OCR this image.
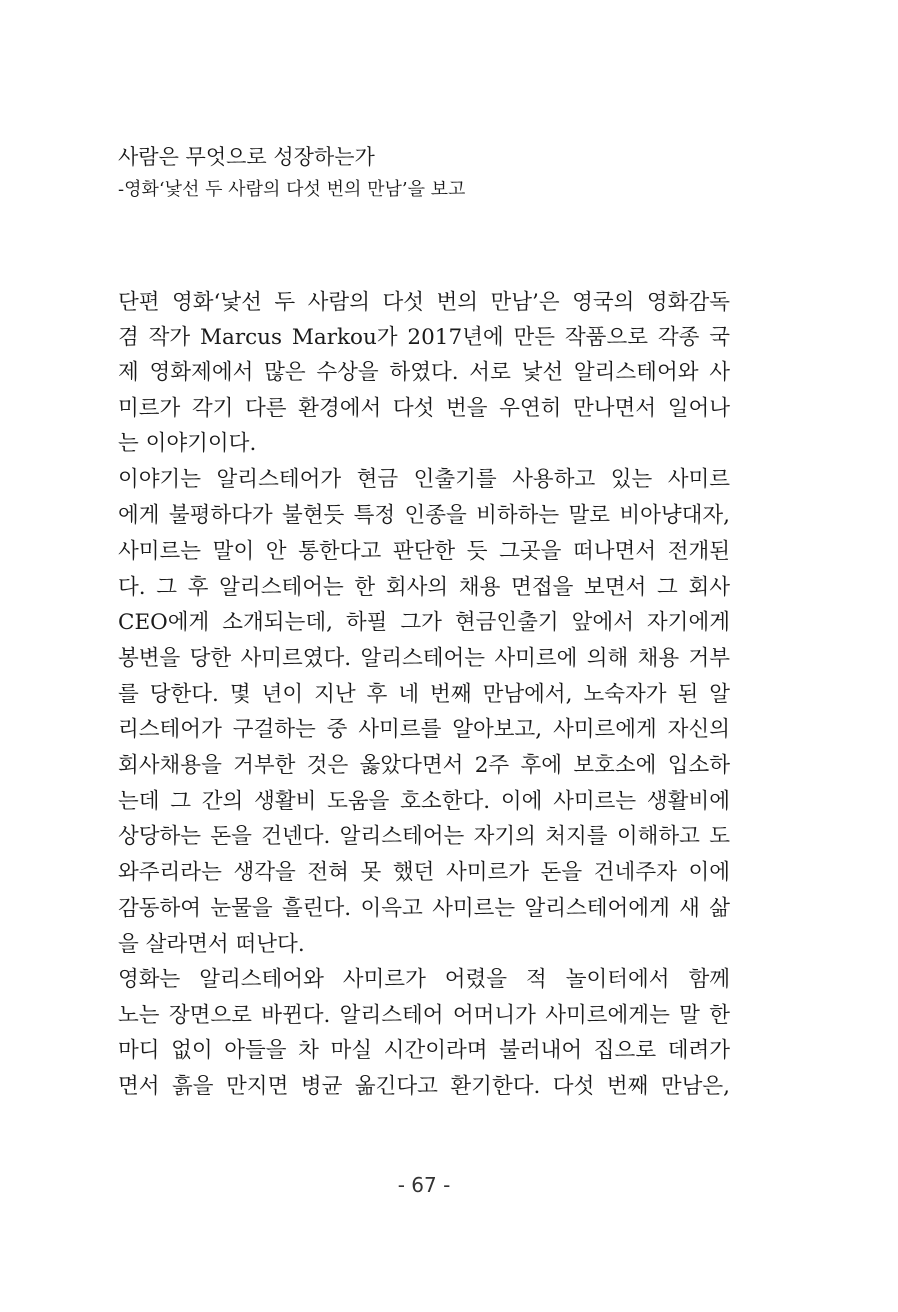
사람은 무엇으로 성장하는가
-영화‘낯선 두 사람의 다섯 번의 만남’을 보고
단편 영화‘낯선 두 사람의 다섯 번의 만남’은 영국의 영화감독
겸 작가 Marcus Markou가 2017년에 만든 작품으로 각종 국
제 영화제에서 많은 수상을 하였다. 서로 낯선 알리스테어와 사
미르가 각기 다른 환경에서 다섯 번을 우연히 만나면서 일어나
는 이야기이다.
이야기는 알리스테어가 현금 인출기를 사용하고 있는 사미르
에게 불평하다가 불현듯 특정 인종을 비하하는 말로 비아냥대자,
사미르는 말이 안 통한다고 판단한 듯 그곳을 떠나면서 전개된
다. 그 후 알리스테어는 한 회사의 채용 면접을 보면서 그 회사
CEO에게 소개되는데, 하필 그가 현금인출기 앞에서 자기에게
봉변을 당한 사미르였다. 알리스테어는 사미르에 의해 채용 거부
를 당한다. 몇 년이 지난 후 네 번째 만남에서, 노숙자가 된 알
리스테어가 구걸하는 중 사미르를 알아보고, 사미르에게 자신의
회사채용을 거부한 것은 옳았다면서 2주 후에 보호소에 입소하
는데 그 간의 생활비 도움을 호소한다. 이에 사미르는 생활비에
상당하는 돈을 건넨다. 알리스테어는 자기의 처지를 이해하고 도
와주리라는 생각을 전혀 못 했던 사미르가 돈을 건네주자 이에
감동하여 눈물을 흘린다. 이윽고 사미르는 알리스테어에게 새 삶
을 살라면서 떠난다.
영화는 알리스테어와 사미르가 어렸을 적 놀이터에서 함께
노는 장면으로 바뀐다. 알리스테어 어머니가 사미르에게는 말 한
마디 없이 아들을 차 마실 시간이라며 불러내어 집으로 데려가
면서 흙을 만지면 병균 옮긴다고 환기한다. 다섯 번째 만남은,
- 67 -
